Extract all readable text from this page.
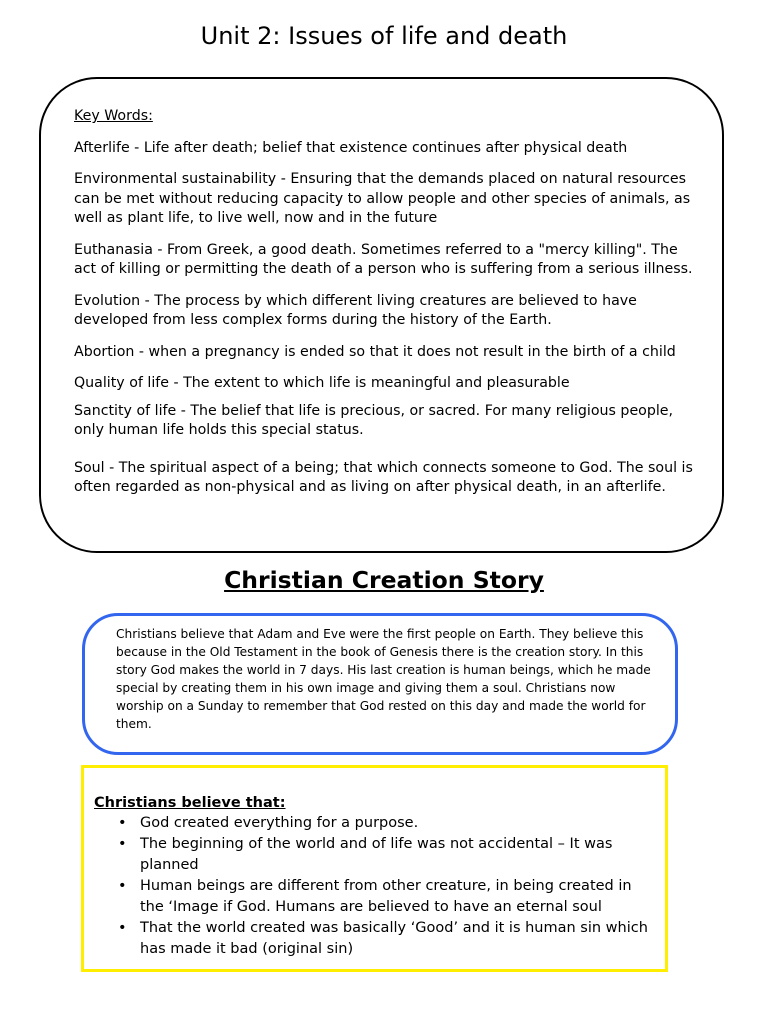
Unit 2: Issues of life and death

Key Words:

Afterlife - Life after death; belief that existence continues after physical death

Environmental sustainability - Ensuring that the demands placed on natural resources can be met without reducing capacity to allow people and other species of animals, as well as plant life, to live well, now and in the future

Euthanasia - From Greek, a good death. Sometimes referred to a "mercy killing". The act of killing or permitting the death of a person who is suffering from a serious illness.

Evolution - The process by which different living creatures are believed to have developed from less complex forms during the history of the Earth.

Abortion - when a pregnancy is ended so that it does not result in the birth of a child

Quality of life - The extent to which life is meaningful and pleasurable

Sanctity of life - The belief that life is precious, or sacred. For many religious people, only human life holds this special status.

Soul - The spiritual aspect of a being; that which connects someone to God. The soul is often regarded as non-physical and as living on after physical death, in an afterlife.

Christian Creation Story
Christians believe that Adam and Eve were the first people on Earth. They believe this because in the Old Testament in the book of Genesis there is the creation story. In this story God makes the world in 7 days. His last creation is human beings, which he made special by creating them in his own image and giving them a soul. Christians now worship on a Sunday to remember that God rested on this day and made the world for them.
Christians believe that:
• God created everything for a purpose.
• The beginning of the world and of life was not accidental – It was planned
• Human beings are different from other creature, in being created in the ‘Image if God. Humans are believed to have an eternal soul
• That the world created was basically ‘Good’ and it is human sin which has made it bad (original sin)
